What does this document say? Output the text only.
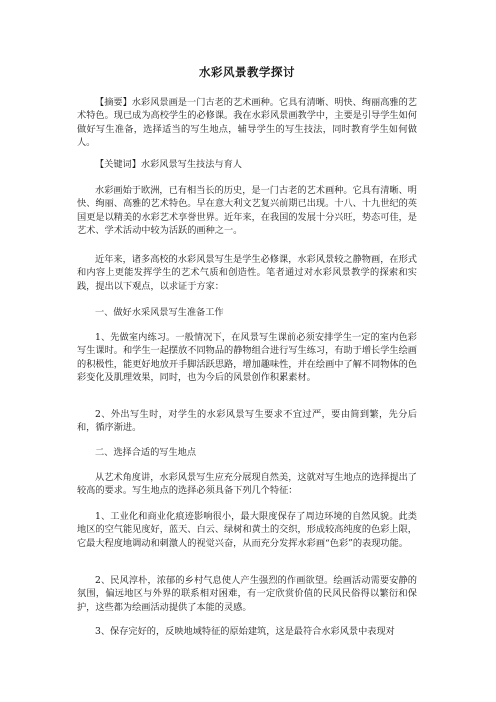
水彩风景教学探讨

【摘要】水彩风景画是一门古老的艺术画种。它具有清晰、明快、绚丽高雅的艺术特色。现已成为高校学生的必修课。我在水彩风景画教学中，主要是引导学生如何做好写生准备，选择适当的写生地点，辅导学生的写生技法，同时教育学生如何做人。

【关键词】水彩风景写生技法与育人

水彩画始于欧洲，已有相当长的历史，是一门古老的艺术画种。它具有清晰、明快、绚丽、高雅的艺术特色。早在意大利文艺复兴前期已出现。十八、十九世纪的英国更是以精美的水彩艺术享誉世界。近年来，在我国的发展十分兴旺，势态可佳，是艺术、学术活动中较为活跃的画种之一。

近年来，诸多高校的水彩风景写生是学生必修课，水彩风景较之静物画，在形式和内容上更能发挥学生的艺术气质和创造性。笔者通过对水彩风景教学的探索和实践，提出以下观点，以求证于方家：

一、做好水采风景写生准备工作

1、先做室内练习。一般情况下，在风景写生课前必须安排学生一定的室内色彩写生课时。和学生一起摆放不同物品的静物组合进行写生练习，有助于增长学生绘画的积极性，能更好地放开手脚活跃思路，增加趣味性，并在绘画中了解不同物体的色彩变化及肌理效果，同时，也为今后的风景创作积累素材。

2、外出写生时，对学生的水彩风景写生要求不宜过严，要由简到繁，先分后和，循序渐进。

二、选择合适的写生地点

从艺术角度讲，水彩风景写生应充分展现自然美，这就对写生地点的选择提出了较高的要求。写生地点的选择必须具备下列几个特征：

1、工业化和商业化痕迹影响很小，最大限度保存了周边环境的自然风貌。此类地区的空气能见度好，蓝天、白云、绿树和黄土的交织，形成较高纯度的色彩上限，它最大程度地调动和刺激人的视觉兴奋，从而充分发挥水彩画“色彩”的表现功能。

2、民风淳朴，浓郁的乡村气息使人产生强烈的作画欲望。绘画活动需要安静的氛围，偏远地区与外界的联系相对困难，有一定欣赏价值的民风民俗得以繁衍和保护，这些都为绘画活动提供了本能的灵感。

3、保存完好的，反映地域特征的原始建筑，这是最符合水彩风景中表现对
